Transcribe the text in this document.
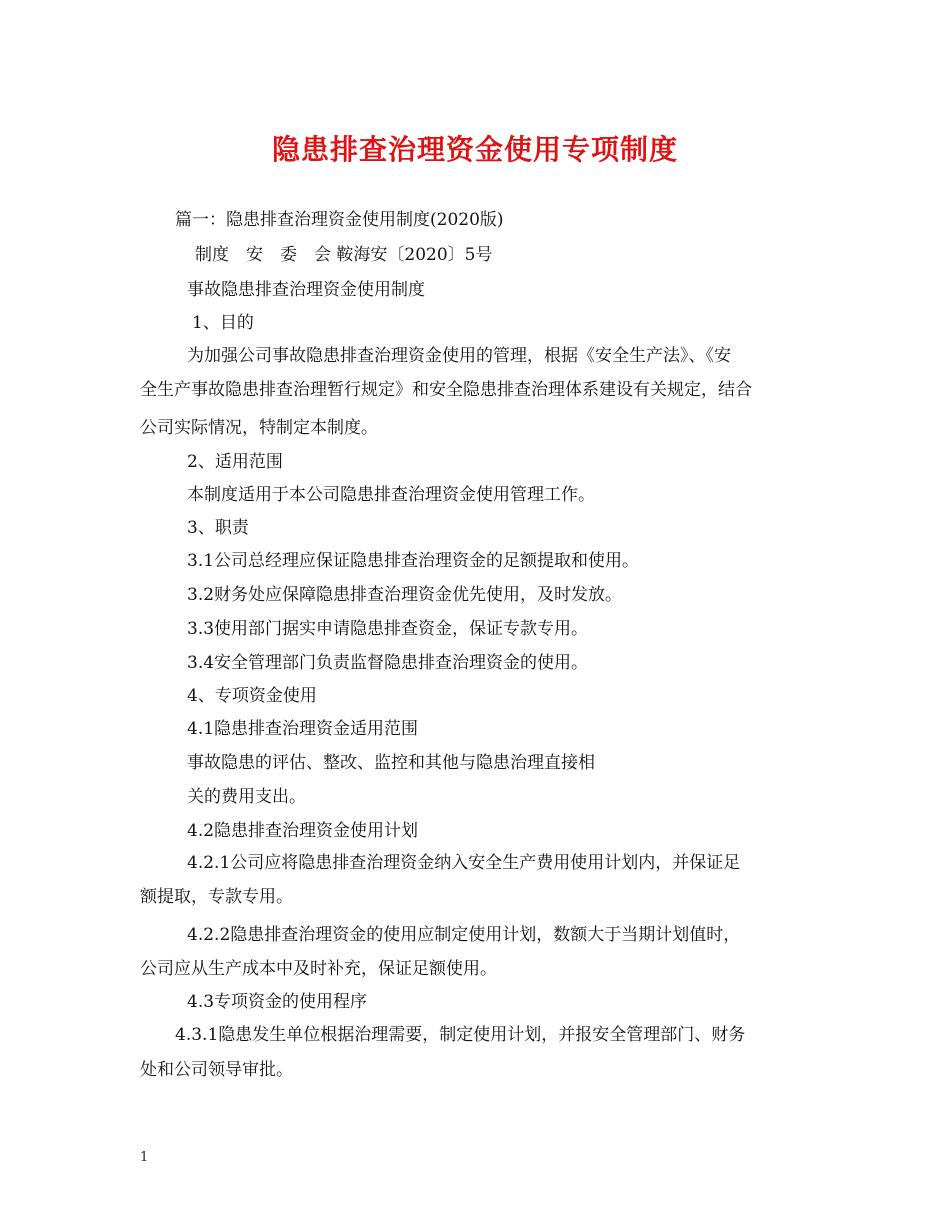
隐患排查治理资金使用专项制度
篇一：隐患排查治理资金使用制度(2020版)
制度　安　委　会 鞍海安〔2020〕5号
事故隐患排查治理资金使用制度
1、目的
为加强公司事故隐患排查治理资金使用的管理，根据《安全生产法》、《安
全生产事故隐患排查治理暂行规定》和安全隐患排查治理体系建设有关规定，结合
公司实际情况，特制定本制度。
2、适用范围
本制度适用于本公司隐患排查治理资金使用管理工作。
3、职责
3.1公司总经理应保证隐患排查治理资金的足额提取和使用。
3.2财务处应保障隐患排查治理资金优先使用，及时发放。
3.3使用部门据实申请隐患排查资金，保证专款专用。
3.4安全管理部门负责监督隐患排查治理资金的使用。
4、专项资金使用
4.1隐患排查治理资金适用范围
事故隐患的评估、整改、监控和其他与隐患治理直接相
关的费用支出。
4.2隐患排查治理资金使用计划
4.2.1公司应将隐患排查治理资金纳入安全生产费用使用计划内，并保证足
额提取，专款专用。
4.2.2隐患排查治理资金的使用应制定使用计划，数额大于当期计划值时，
公司应从生产成本中及时补充，保证足额使用。
4.3专项资金的使用程序
4.3.1隐患发生单位根据治理需要，制定使用计划，并报安全管理部门、财务
处和公司领导审批。
1
